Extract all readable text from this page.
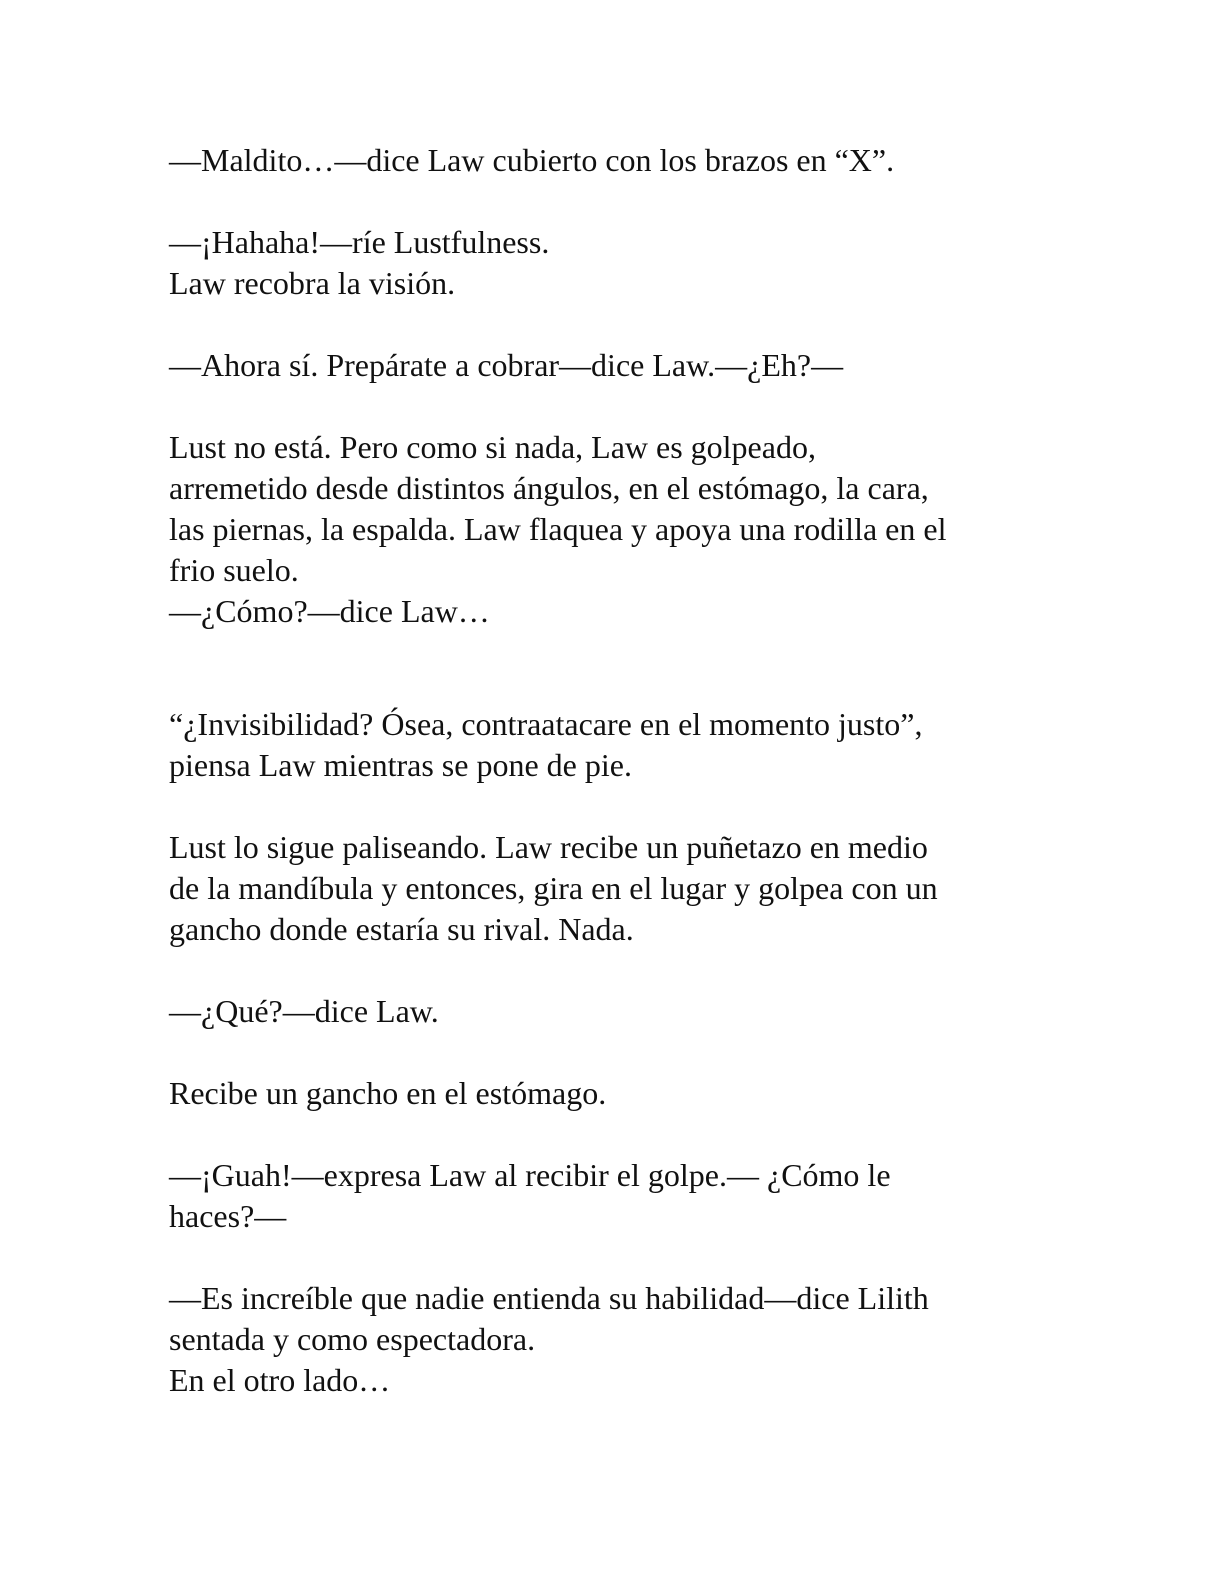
—Maldito…—dice Law cubierto con los brazos en “X”.

—¡Hahaha!—ríe Lustfulness.

Law recobra la visión.

—Ahora sí. Prepárate a cobrar—dice Law.—¿Eh?—

Lust no está. Pero como si nada, Law es golpeado,

arremetido desde distintos ángulos, en el estómago, la cara,

las piernas, la espalda. Law flaquea y apoya una rodilla en el

frio suelo.

—¿Cómo?—dice Law…

“¿Invisibilidad? Ósea, contraatacare en el momento justo”,

piensa Law mientras se pone de pie.

Lust lo sigue paliseando. Law recibe un puñetazo en medio

de la mandíbula y entonces, gira en el lugar y golpea con un

gancho donde estaría su rival. Nada.

—¿Qué?—dice Law.

Recibe un gancho en el estómago.

—¡Guah!—expresa Law al recibir el golpe.— ¿Cómo le

haces?—

—Es increíble que nadie entienda su habilidad—dice Lilith

sentada y como espectadora.

En el otro lado…
